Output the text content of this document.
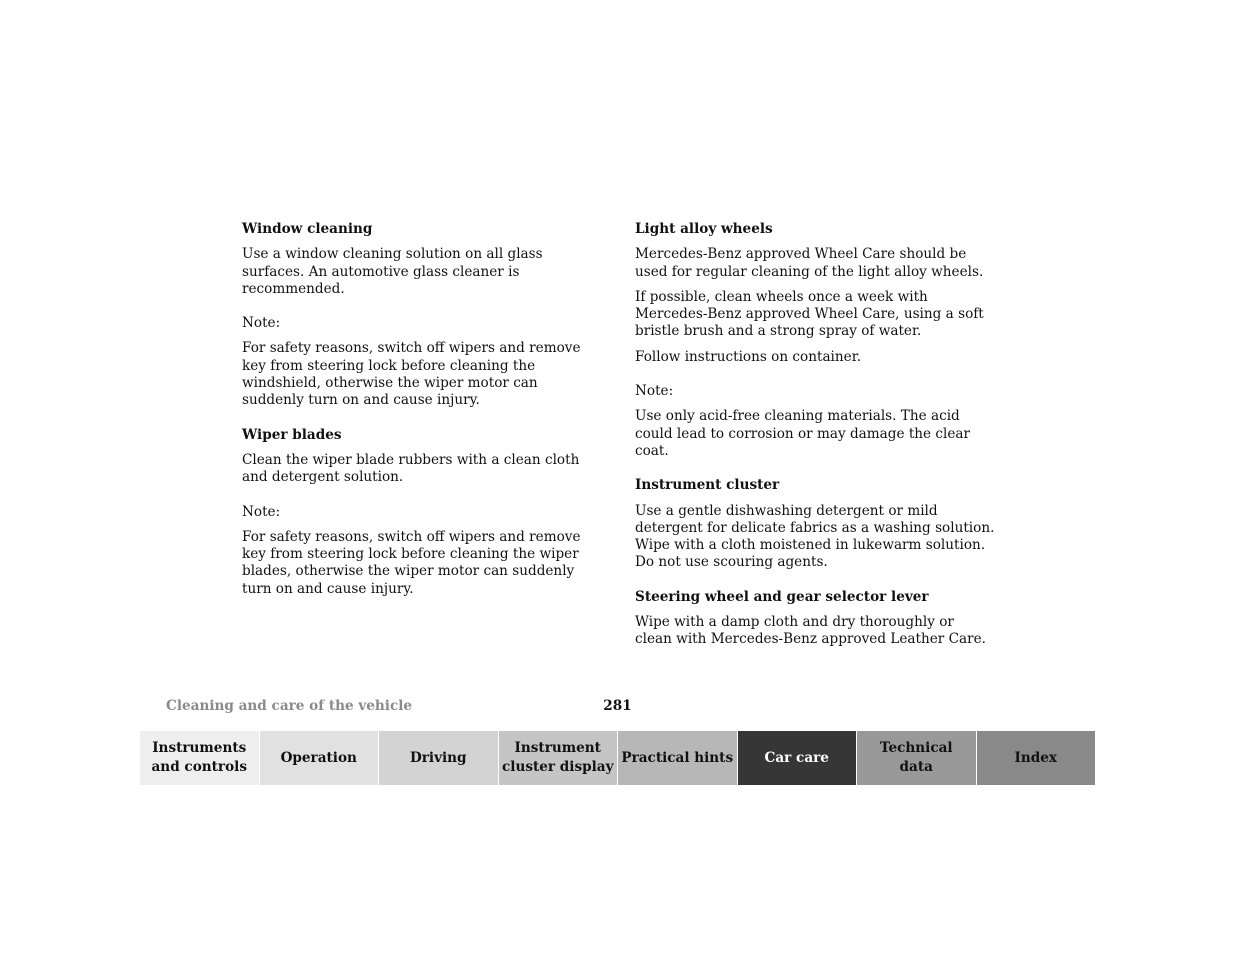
Window cleaning

Use a window cleaning solution on all glass surfaces. An automotive glass cleaner is recommended.

Note:

For safety reasons, switch off wipers and remove key from steering lock before cleaning the windshield, otherwise the wiper motor can suddenly turn on and cause injury.

Wiper blades

Clean the wiper blade rubbers with a clean cloth and detergent solution.

Note:

For safety reasons, switch off wipers and remove key from steering lock before cleaning the wiper blades, otherwise the wiper motor can suddenly turn on and cause injury.

Light alloy wheels

Mercedes-Benz approved Wheel Care should be used for regular cleaning of the light alloy wheels.

If possible, clean wheels once a week with Mercedes-Benz approved Wheel Care, using a soft bristle brush and a strong spray of water.

Follow instructions on container.

Note:

Use only acid-free cleaning materials. The acid could lead to corrosion or may damage the clear coat.

Instrument cluster

Use a gentle dishwashing detergent or mild detergent for delicate fabrics as a washing solution. Wipe with a cloth moistened in lukewarm solution. Do not use scouring agents.

Steering wheel and gear selector lever

Wipe with a damp cloth and dry thoroughly or clean with Mercedes-Benz approved Leather Care.

Cleaning and care of the vehicle	281
Instruments
and controls
Operation	Driving
Instrument
cluster display
Practical hints	Car care
Technical
data
Index
